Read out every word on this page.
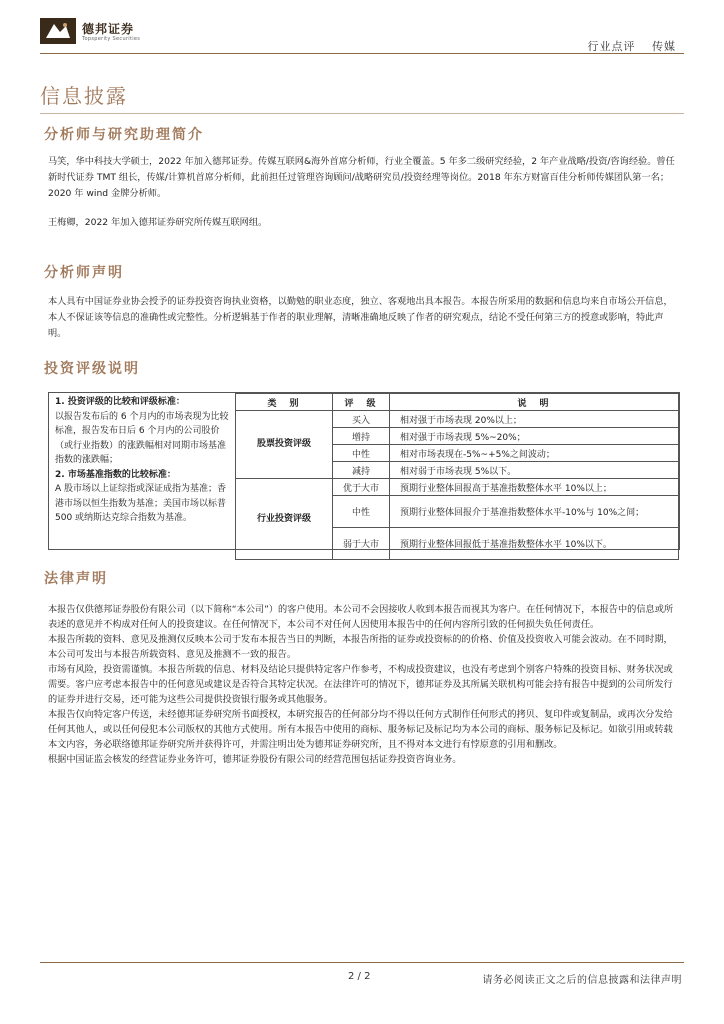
德邦证券
Topsperity Securities
行业点评 传媒
信息披露
分析师与研究助理简介

马笑，华中科技大学硕士，2022 年加入德邦证券。传媒互联网&海外首席分析师，行业全覆盖。5 年多二级研究经验，2 年产业战略/投资/咨询经验。曾任新时代证券 TMT 组长，传媒/计算机首席分析师，此前担任过管理咨询顾问/战略研究员/投资经理等岗位。2018 年东方财富百佳分析师传媒团队第一名；2020 年 wind 金牌分析师。

王梅卿，2022 年加入德邦证券研究所传媒互联网组。

分析师声明

本人具有中国证券业协会授予的证券投资咨询执业资格，以勤勉的职业态度，独立、客观地出具本报告。本报告所采用的数据和信息均来自市场公开信息，本人不保证该等信息的准确性或完整性。分析逻辑基于作者的职业理解，清晰准确地反映了作者的研究观点，结论不受任何第三方的授意或影响，特此声明。

投资评级说明
1. 投资评级的比较和评级标准：
以报告发布后的 6 个月内的市场表现为比较标准，报告发布日后 6 个月内的公司股价（或行业指数）的涨跌幅相对同期市场基准指数的涨跌幅；
2. 市场基准指数的比较标准：
A 股市场以上证综指或深证成指为基准；香港市场以恒生指数为基准；美国市场以标普 500 或纳斯达克综合指数为基准。
类　别	评　级	说　明
股票投资评级	买入	相对强于市场表现 20%以上；
	增持	相对强于市场表现 5%~20%；
	中性	相对市场表现在-5%~+5%之间波动；
	减持	相对弱于市场表现 5%以下。
行业投资评级	优于大市	预期行业整体回报高于基准指数整体水平 10%以上；
	中性	预期行业整体回报介于基准指数整体水平-10%与 10%之间；
	弱于大市	预期行业整体回报低于基准指数整体水平 10%以下。
法律声明

本报告仅供德邦证券股份有限公司（以下简称“本公司”）的客户使用。本公司不会因接收人收到本报告而视其为客户。在任何情况下，本报告中的信息或所表述的意见并不构成对任何人的投资建议。在任何情况下，本公司不对任何人因使用本报告中的任何内容所引致的任何损失负任何责任。

本报告所载的资料、意见及推测仅反映本公司于发布本报告当日的判断，本报告所指的证券或投资标的的价格、价值及投资收入可能会波动。在不同时期，本公司可发出与本报告所载资料、意见及推测不一致的报告。

市场有风险，投资需谨慎。本报告所载的信息、材料及结论只提供特定客户作参考，不构成投资建议，也没有考虑到个别客户特殊的投资目标、财务状况或需要。客户应考虑本报告中的任何意见或建议是否符合其特定状况。在法律许可的情况下，德邦证券及其所属关联机构可能会持有报告中提到的公司所发行的证券并进行交易，还可能为这些公司提供投资银行服务或其他服务。

本报告仅向特定客户传送，未经德邦证券研究所书面授权，本研究报告的任何部分均不得以任何方式制作任何形式的拷贝、复印件或复制品，或再次分发给任何其他人，或以任何侵犯本公司版权的其他方式使用。所有本报告中使用的商标、服务标记及标记均为本公司的商标、服务标记及标记。如欲引用或转载本文内容，务必联络德邦证券研究所并获得许可，并需注明出处为德邦证券研究所，且不得对本文进行有悖原意的引用和删改。

根据中国证监会核发的经营证券业务许可，德邦证券股份有限公司的经营范围包括证券投资咨询业务。

2 / 2	请务必阅读正文之后的信息披露和法律声明
